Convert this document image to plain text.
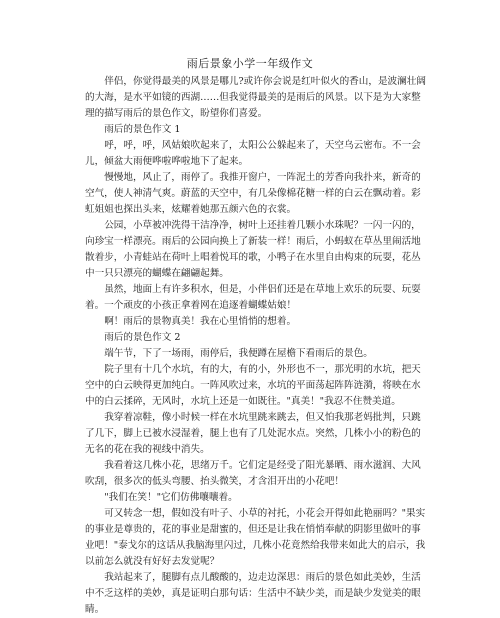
雨后景象小学一年级作文

伴侣，你觉得最美的风景是哪儿?或许你会说是红叶似火的香山，是波澜壮阔的大海，是水平如镜的西湖……但我觉得最美的是雨后的风景。以下是为大家整理的描写雨后的景色作文，盼望你们喜爱。

雨后的景色作文 1

呼，呼，呼，风姑娘吹起来了，太阳公公躲起来了，天空乌云密布。不一会儿，倾盆大雨便哗啦哗啦地下了起来。

慢慢地，风止了，雨停了。我推开窗户，一阵泥土的芳香向我扑来，新奇的空气，使人神清气爽。蔚蓝的天空中，有几朵像棉花糖一样的白云在飘动着。彩虹姐姐也探出头来，炫耀着她那五颜六色的衣裳。

公园，小草被冲洗得干洁净净，树叶上还挂着几颗小水珠呢？一闪一闪的，向珍宝一样漂亮。雨后的公园向换上了新装一样！雨后，小蚂蚁在草丛里闹活地散着步，小青蛙站在荷叶上唱着悦耳的歌，小鸭子在水里自由构束的玩耍，花丛中一只只漂亮的蝴蝶在翩翩起舞。

虽然，地面上有许多积水，但是，小伴侣们还是在草地上欢乐的玩耍、玩耍着。一个顽皮的小孩正拿着网在追逐着蝴蝶姑娘！

啊！雨后的景物真美！我在心里悄悄的想着。

雨后的景色作文 2

端午节，下了一场雨，雨停后，我便蹲在屋檐下看雨后的景色。

院子里有十几个水坑，有的大，有的小，外形也不一，那光明的水坑，把天空中的白云映得更加纯白。一阵风吹过来，水坑的平面荡起阵阵涟漪，将映在水中的白云揉碎，无风时，水坑上还是一如既往。"真美！"我忍不住赞美道。

我穿着凉鞋，像小时候一样在水坑里跳来跳去，但又怕我那老妈批判，只跳了几下，脚上已被水浸湿着，腿上也有了几处泥水点。突然，几株小小的粉色的无名的花在我的视线中消失。

我看着这几株小花，思绪万千。它们定是经受了阳光暴晒、雨水滋润、大风吹刮，很多次的低头弯腰、抬头微笑，才含泪开出的小花吧！

"我们在笑！"它们仿佛嚷嚷着。

可又转念一想，假如没有叶子、小草的衬托，小花会开得如此艳丽吗？"果实的事业是尊贵的，花的事业是甜蜜的，但还是让我在悄悄奉献的阴影里做叶的事业吧！"泰戈尔的这话从我脑海里闪过，几株小花竟然给我带来如此大的启示，我以前怎么就没有好好去发觉呢？

我站起来了，腿脚有点儿酸酸的，边走边深思：雨后的景色如此美妙，生活中不乏这样的美妙，真是证明白那句话：生活中不缺少美，而是缺少发觉美的眼睛。
